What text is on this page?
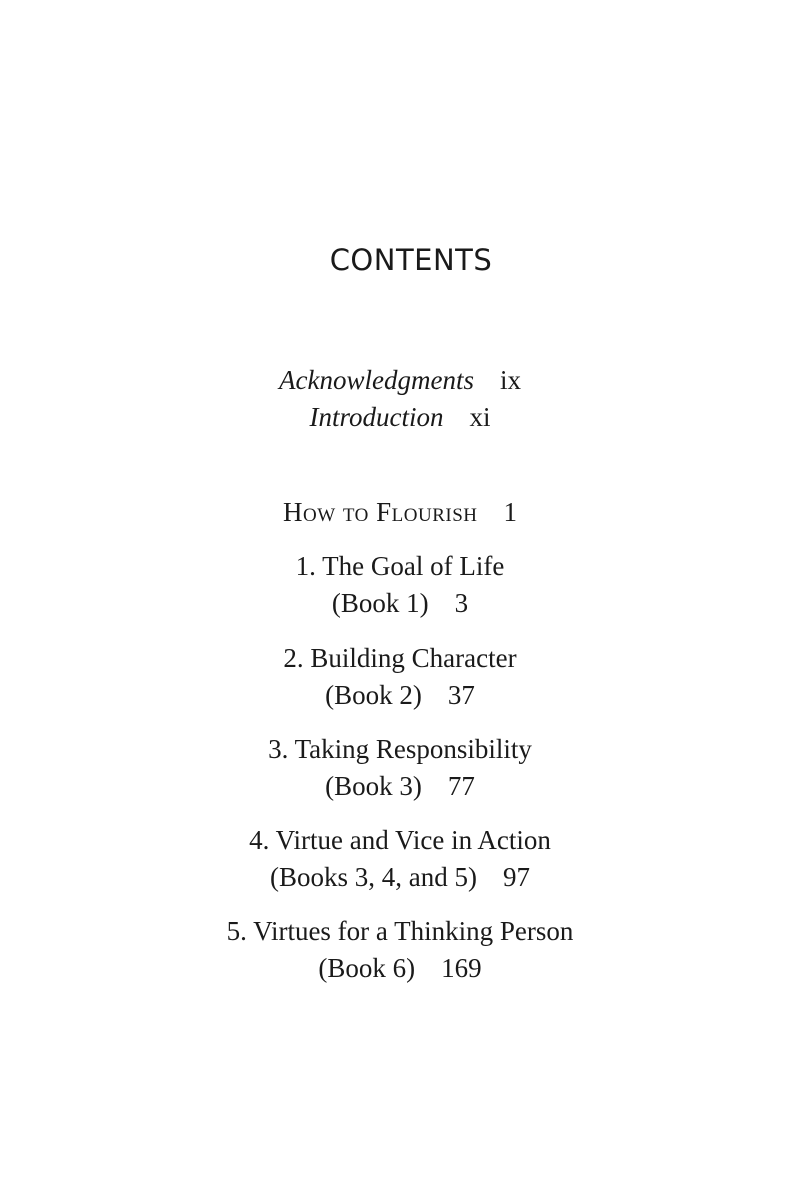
CONTENTS
Acknowledgments ix
Introduction xi
How to Flourish 1
1. The Goal of Life
(Book 1) 3
2. Building Character
(Book 2) 37
3. Taking Responsibility
(Book 3) 77
4. Virtue and Vice in Action
(Books 3, 4, and 5) 97
5. Virtues for a Thinking Person
(Book 6) 169
